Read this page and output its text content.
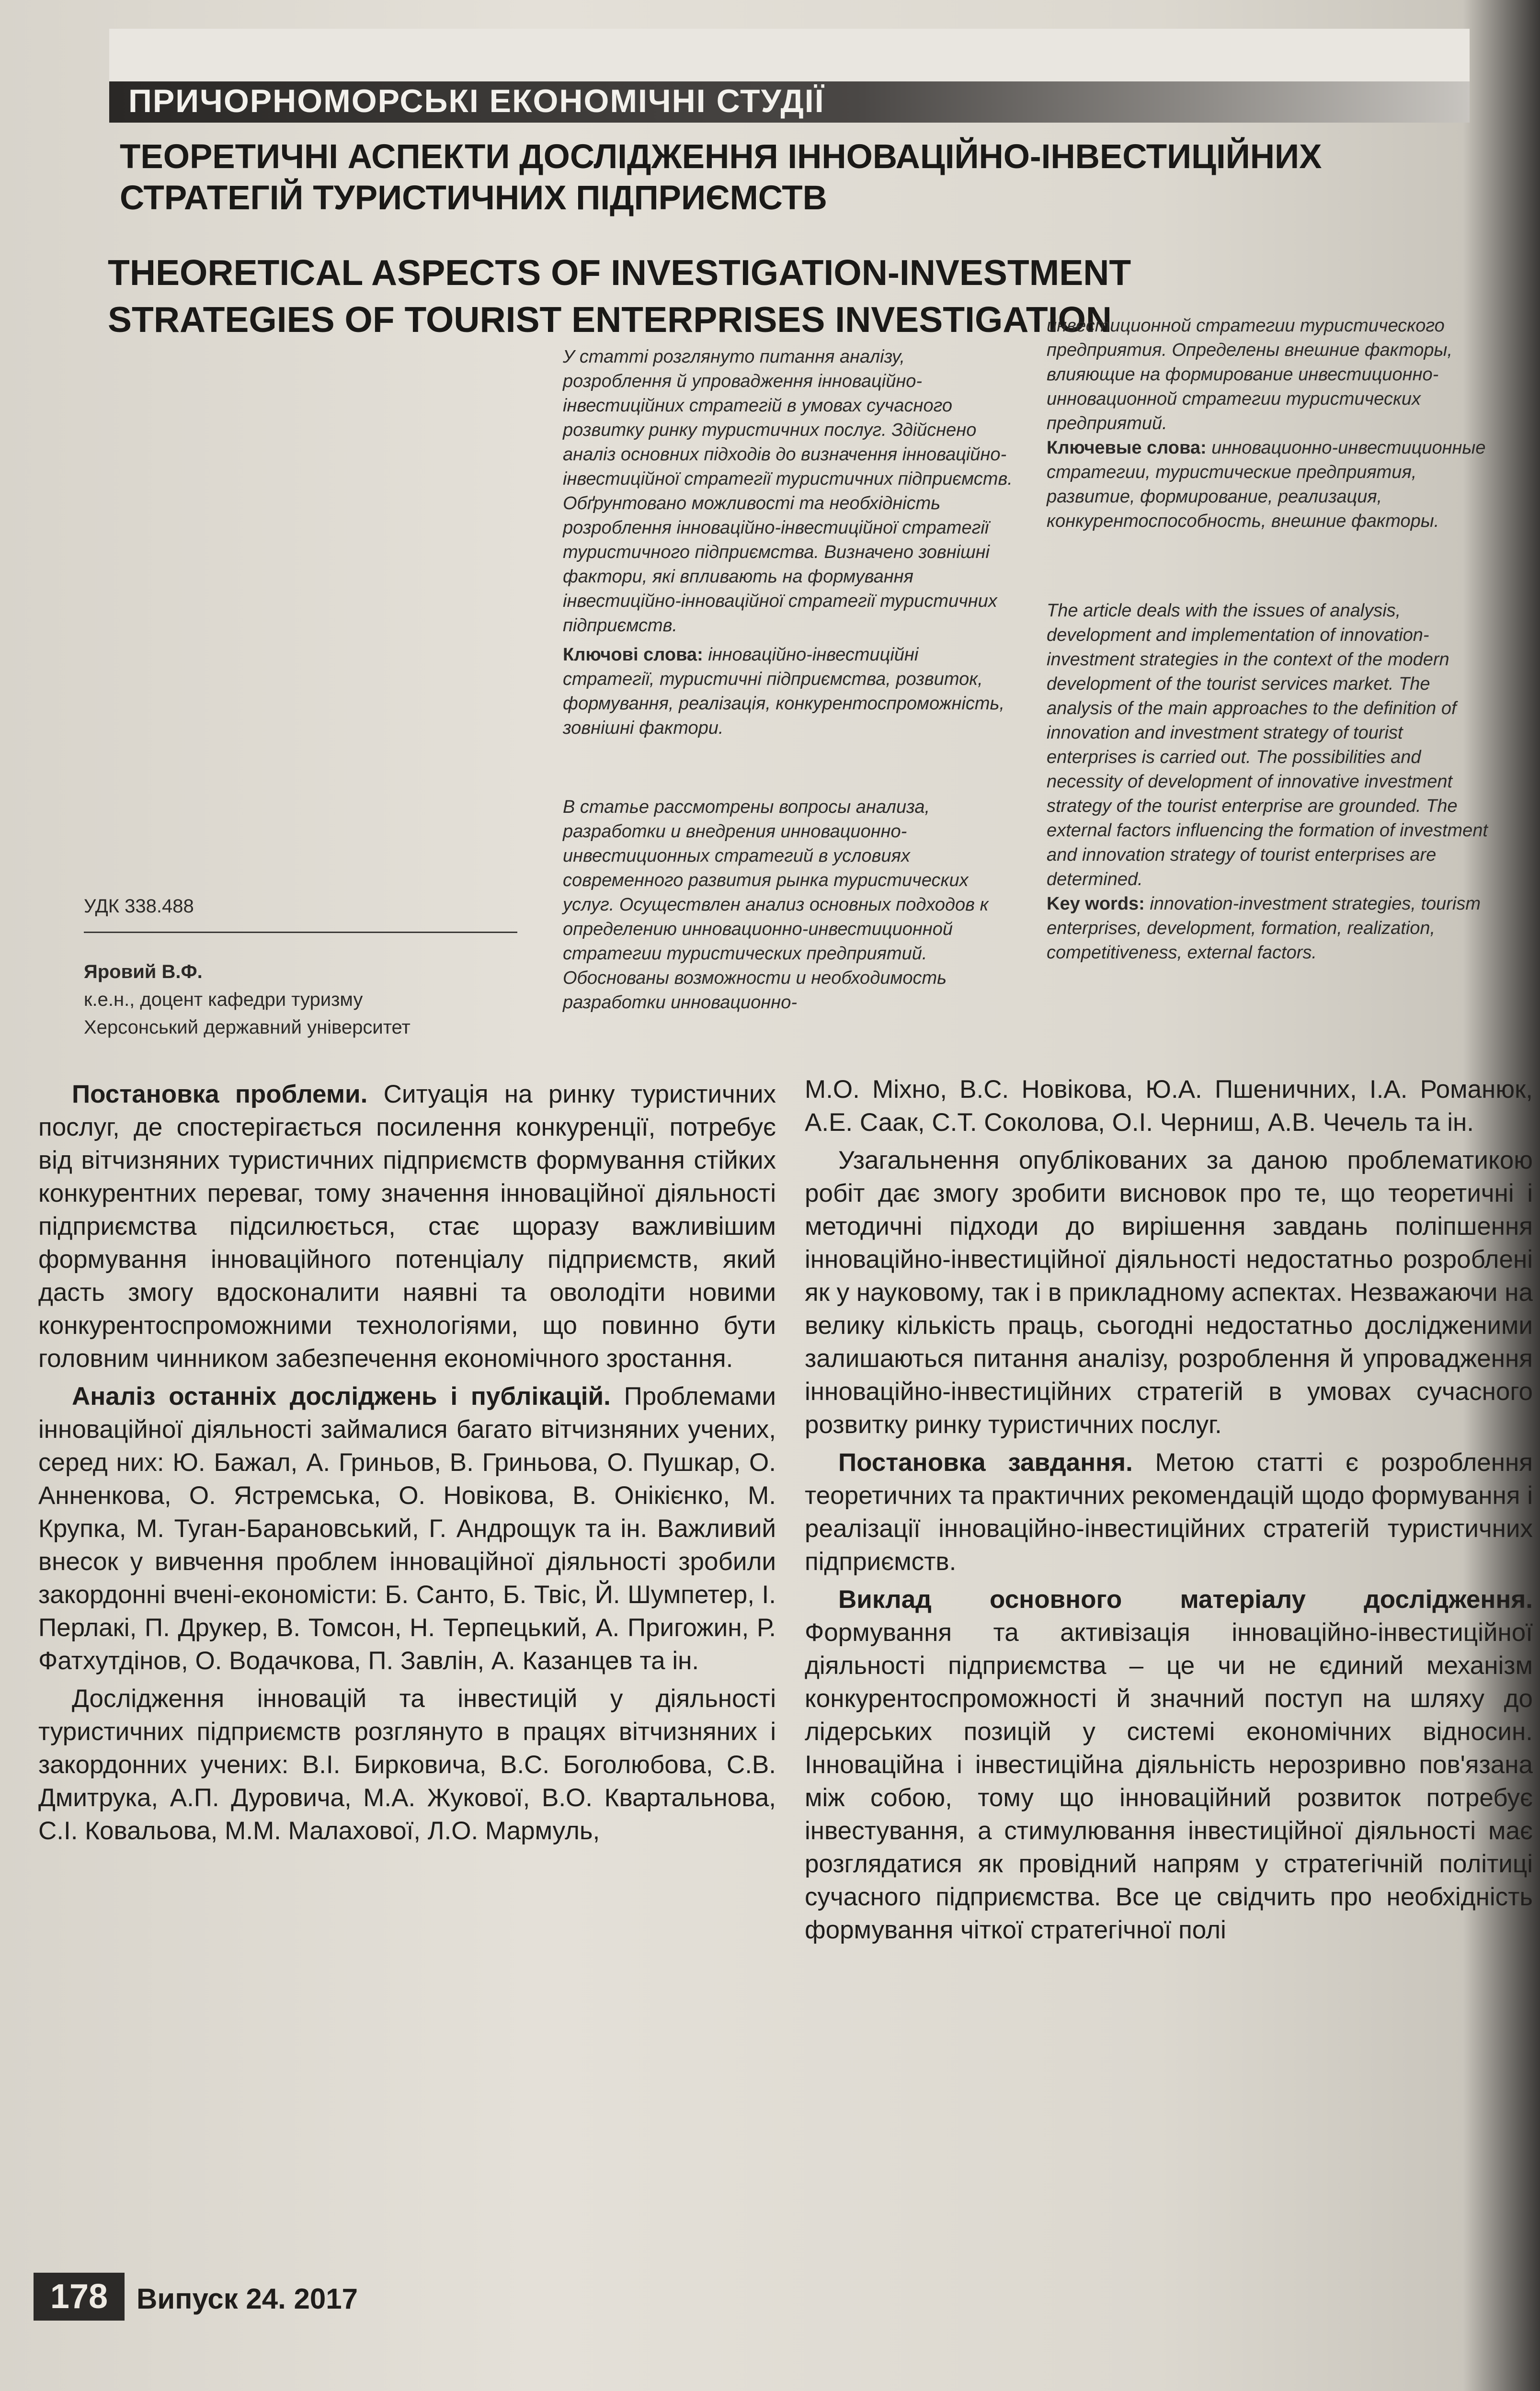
ПРИЧОРНОМОРСЬКІ ЕКОНОМІЧНІ СТУДІЇ
ТЕОРЕТИЧНІ АСПЕКТИ ДОСЛІДЖЕННЯ ІННОВАЦІЙНО-ІНВЕСТИЦІЙНИХ
СТРАТЕГІЙ ТУРИСТИЧНИХ ПІДПРИЄМСТВ
THEORETICAL ASPECTS OF INVESTIGATION-INVESTMENT
STRATEGIES OF TOURIST ENTERPRISES INVESTIGATION

У статті розглянуто питання аналізу, розроблення й упровадження інноваційно-інвестиційних стратегій в умовах сучасного розвитку ринку туристичних послуг. Здійснено аналіз основних підходів до визначення інноваційно-інвестиційної стратегії туристичних підприємств. Обґрунтовано можливості та необхідність розроблення інноваційно-інвестиційної стратегії туристичного підприємства. Визначено зовнішні фактори, які впливають на формування інвестиційно-інноваційної стратегії туристичних підприємств.

Ключові слова: інноваційно-інвестиційні стратегії, туристичні підприємства, розвиток, формування, реалізація, конкурентоспроможність, зовнішні фактори.

В статье рассмотрены вопросы анализа, разработки и внедрения инновационно-инвестиционных стратегий в условиях современного развития рынка туристических услуг. Осуществлен анализ основных подходов к определению инновационно-инвестиционной стратегии туристических предприятий. Обоснованы возможности и необходимость разработки инновационно-

инвестиционной стратегии туристического предприятия. Определены внешние факторы, влияющие на формирование инвестиционно-инновационной стратегии туристических предприятий.

Ключевые слова: инновационно-инвестиционные стратегии, туристические предприятия, развитие, формирование, реализация, конкурентоспособность, внешние факторы.

The article deals with the issues of analysis, development and implementation of innovation-investment strategies in the context of the modern development of the tourist services market. The analysis of the main approaches to the definition of innovation and investment strategy of tourist enterprises is carried out. The possibilities and necessity of development of innovative investment strategy of the tourist enterprise are grounded. The external factors influencing the formation of investment and innovation strategy of tourist enterprises are determined.

Key words: innovation-investment strategies, tourism enterprises, development, formation, realization, competitiveness, external factors.

УДК 338.488
Яровий В.Ф.
к.е.н., доцент кафедри туризму
Херсонський державний університет

Постановка проблеми. Ситуація на ринку туристичних послуг, де спостерігається посилення конкуренції, потребує від вітчизняних туристичних підприємств формування стійких конкурентних переваг, тому значення інноваційної діяльності підприємства підсилюється, стає щоразу важливішим формування інноваційного потенціалу підприємств, який дасть змогу вдосконалити наявні та оволодіти новими конкурентоспроможними технологіями, що повинно бути головним чинником забезпечення економічного зростання.

Аналіз останніх досліджень і публікацій. Проблемами інноваційної діяльності займалися багато вітчизняних учених, серед них: Ю. Бажал, А. Гриньов, В. Гриньова, О. Пушкар, О. Анненкова, О. Ястремська, О. Новікова, В. Онікієнко, М. Крупка, М. Туган-Барановський, Г. Андрощук та ін. Важливий внесок у вивчення проблем інноваційної діяльності зробили закордонні вчені-економісти: Б. Санто, Б. Твіс, Й. Шумпетер, І. Перлакі, П. Друкер, В. Томсон, Н. Терпецький, А. Пригожин, Р. Фатхутдінов, О. Водачкова, П. Завлін, А. Казанцев та ін.

Дослідження інновацій та інвестицій у діяльності туристичних підприємств розглянуто в працях вітчизняних і закордонних учених: В.І. Бирковича, В.С. Боголюбова, С.В. Дмитрука, А.П. Дуровича, М.А. Жукової, В.О. Квартальнова, С.І. Ковальова, М.М. Малахової, Л.О. Мармуль,

М.О. Міхно, В.С. Новікова, Ю.А. Пшеничних, І.А. Романюк, А.Е. Саак, С.Т. Соколова, О.І. Черниш, А.В. Чечель та ін.

Узагальнення опублікованих за даною проблематикою робіт дає змогу зробити висновок про те, що теоретичні і методичні підходи до вирішення завдань поліпшення інноваційно-інвестиційної діяльності недостатньо розроблені як у науковому, так і в прикладному аспектах. Незважаючи на велику кількість праць, сьогодні недостатньо дослідженими залишаються питання аналізу, розроблення й упровадження інноваційно-інвестиційних стратегій в умовах сучасного розвитку ринку туристичних послуг.

Постановка завдання. Метою статті є розроблення теоретичних та практичних рекомендацій щодо формування і реалізації інноваційно-інвестиційних стратегій туристичних підприємств.

Виклад основного матеріалу дослідження. Формування та активізація інноваційно-інвестиційної діяльності підприємства – це чи не єдиний механізм конкурентоспроможності й значний поступ на шляху до лідерських позицій у системі економічних відносин. Інноваційна і інвестиційна діяльність нерозривно пов'язана між собою, тому що інноваційний розвиток потребує інвестування, а стимулювання інвестиційної діяльності має розглядатися як провідний напрям у стратегічній політиці сучасного підприємства. Все це свідчить про необхідність формування чіткої стратегічної полі

178 Випуск 24. 2017
